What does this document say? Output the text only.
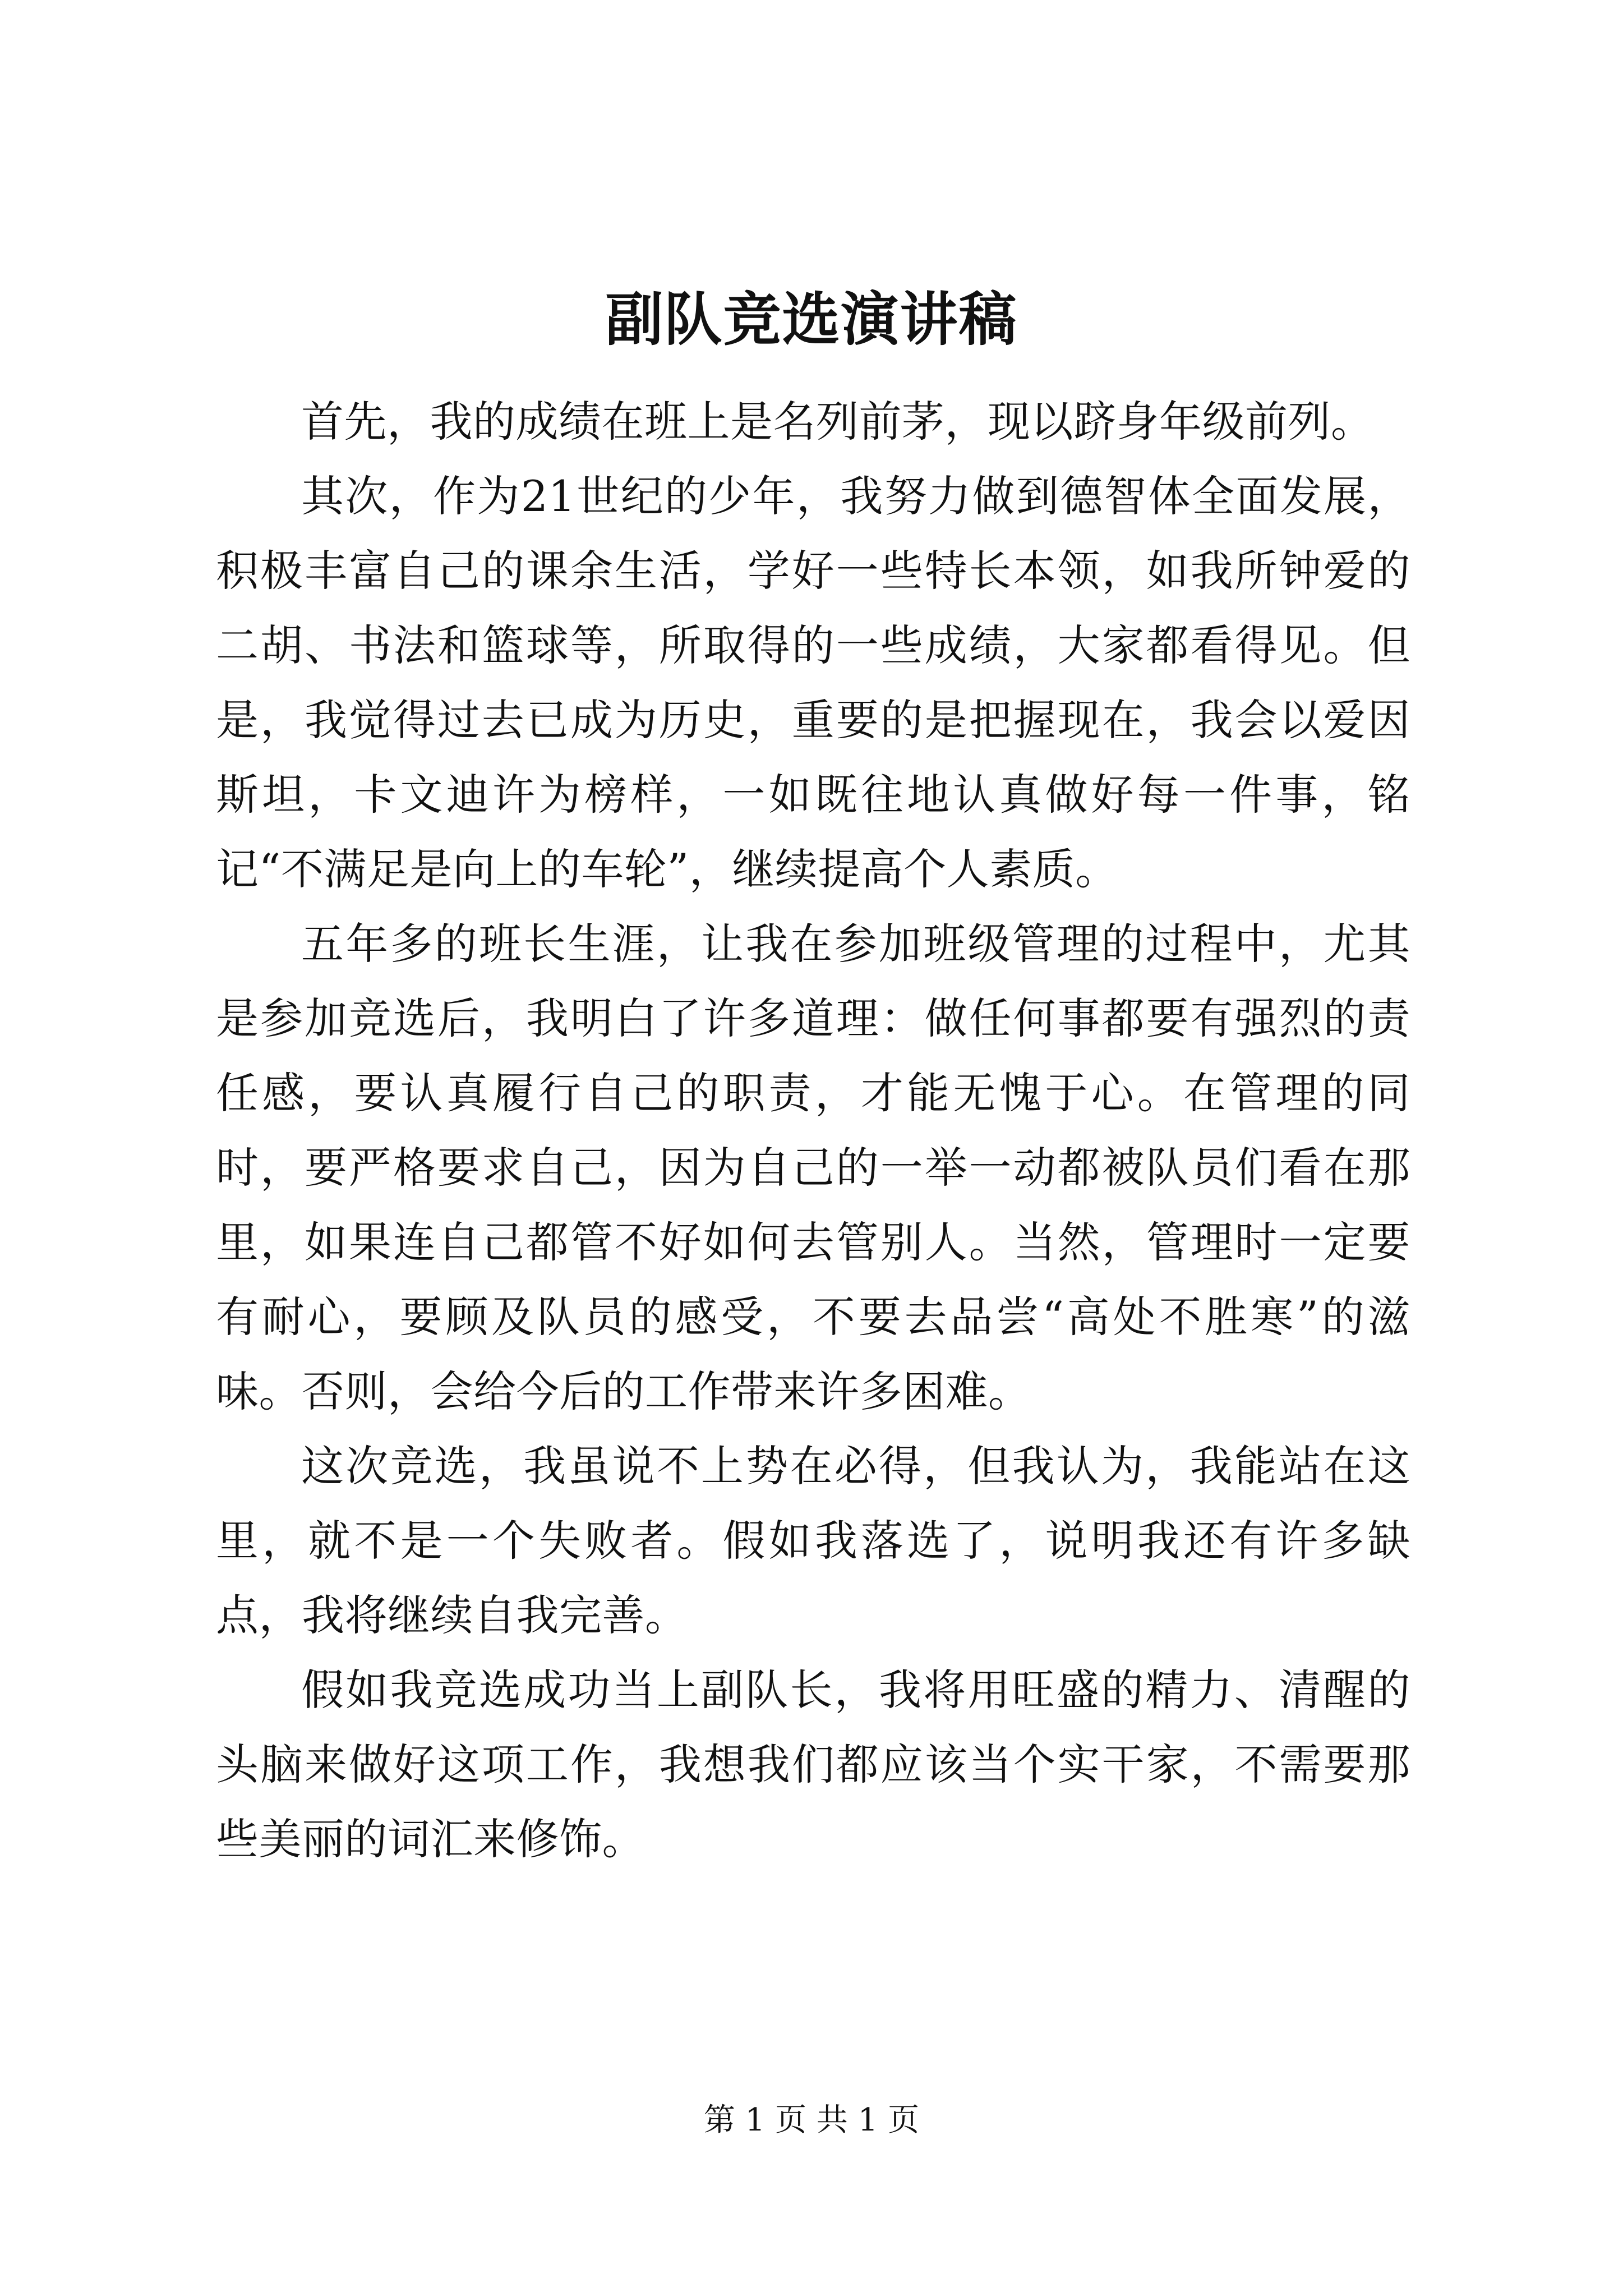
副队竞选演讲稿

首先，我的成绩在班上是名列前茅，现以跻身年级前列。

其次，作为21世纪的少年，我努力做到德智体全面发展，积极丰富自己的课余生活，学好一些特长本领，如我所钟爱的二胡、书法和篮球等，所取得的一些成绩，大家都看得见。但是，我觉得过去已成为历史，重要的是把握现在，我会以爱因斯坦，卡文迪许为榜样，一如既往地认真做好每一件事，铭记“不满足是向上的车轮”，继续提高个人素质。

五年多的班长生涯，让我在参加班级管理的过程中，尤其是参加竞选后，我明白了许多道理：做任何事都要有强烈的责任感，要认真履行自己的职责，才能无愧于心。在管理的同时，要严格要求自己，因为自己的一举一动都被队员们看在那里，如果连自己都管不好如何去管别人。当然，管理时一定要有耐心，要顾及队员的感受，不要去品尝“高处不胜寒”的滋味。否则，会给今后的工作带来许多困难。

这次竞选，我虽说不上势在必得，但我认为，我能站在这里，就不是一个失败者。假如我落选了，说明我还有许多缺点，我将继续自我完善。

假如我竞选成功当上副队长，我将用旺盛的精力、清醒的头脑来做好这项工作，我想我们都应该当个实干家，不需要那些美丽的词汇来修饰。

第 1 页 共 1 页
